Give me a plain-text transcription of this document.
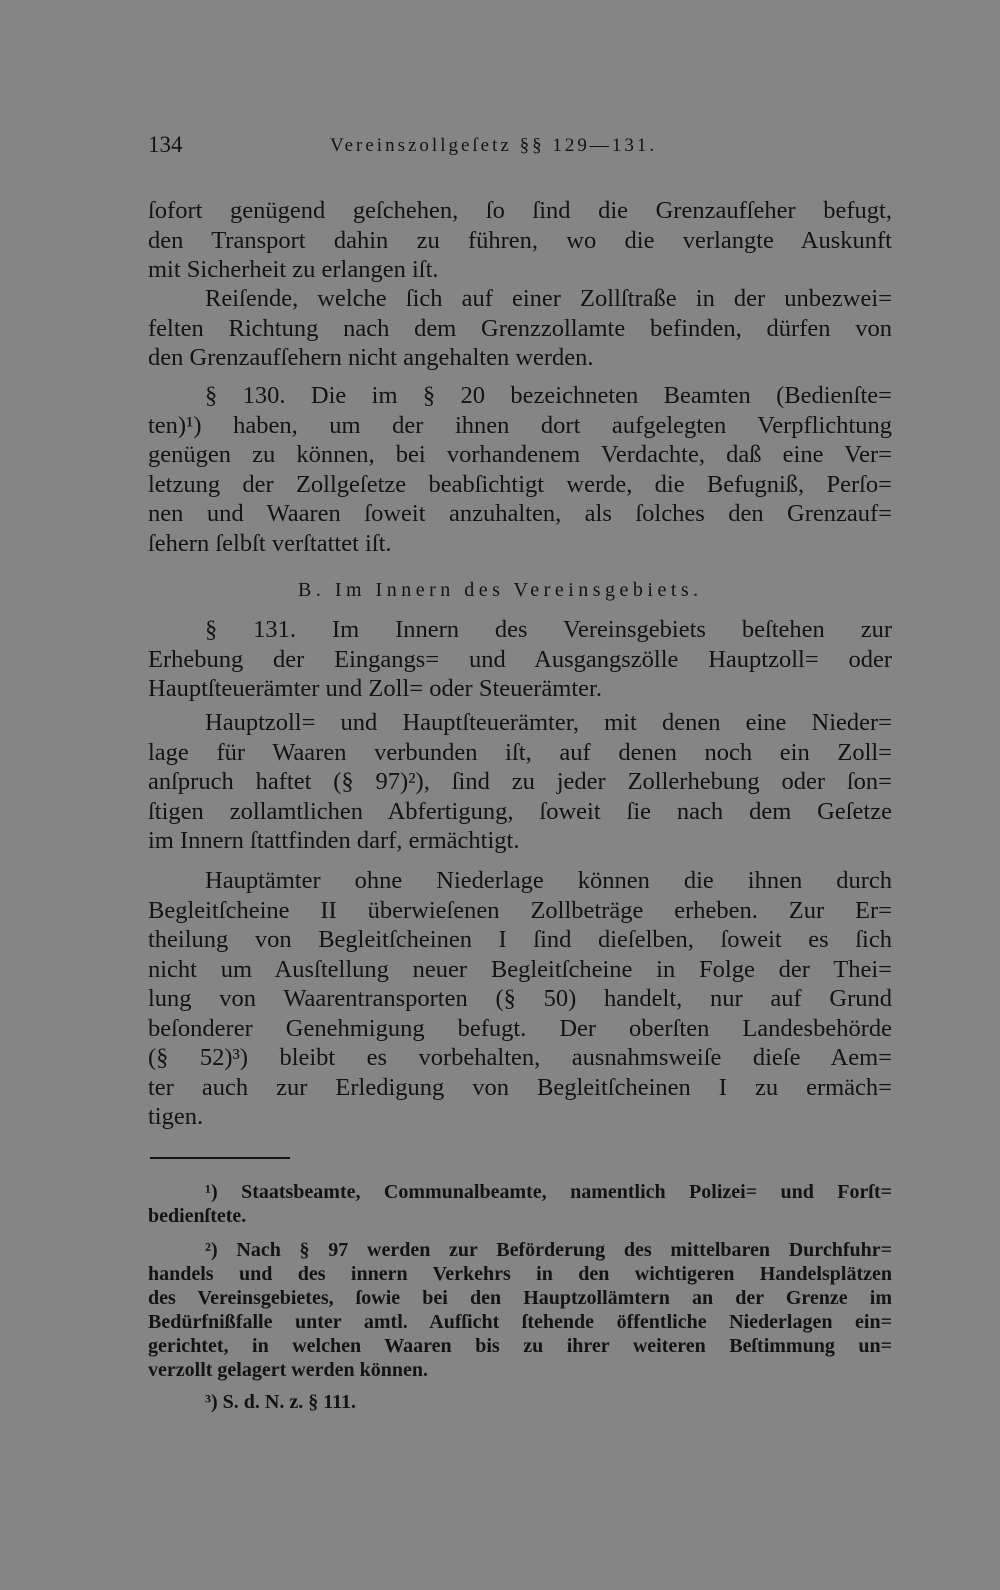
134	Vereinszollgeſetz §§ 129—131.
ſofort genügend geſchehen, ſo ſind die Grenzaufſeher befugt,
den Transport dahin zu führen, wo die verlangte Auskunft
mit Sicherheit zu erlangen iſt.
Reiſende, welche ſich auf einer Zollſtraße in der unbezwei=
felten Richtung nach dem Grenzzollamte befinden, dürfen von
den Grenzaufſehern nicht angehalten werden.
§ 130. Die im § 20 bezeichneten Beamten (Bedienſte=
ten)¹) haben, um der ihnen dort aufgelegten Verpflichtung
genügen zu können, bei vorhandenem Verdachte, daß eine Ver=
letzung der Zollgeſetze beabſichtigt werde, die Befugniß, Perſo=
nen und Waaren ſoweit anzuhalten, als ſolches den Grenzauf=
ſehern ſelbſt verſtattet iſt.
B. Im Innern des Vereinsgebiets.
§ 131. Im Innern des Vereinsgebiets beſtehen zur
Erhebung der Eingangs= und Ausgangszölle Hauptzoll= oder
Hauptſteuerämter und Zoll= oder Steuerämter.
Hauptzoll= und Hauptſteuerämter, mit denen eine Nieder=
lage für Waaren verbunden iſt, auf denen noch ein Zoll=
anſpruch haftet (§ 97)²), ſind zu jeder Zollerhebung oder ſon=
ſtigen zollamtlichen Abfertigung, ſoweit ſie nach dem Geſetze
im Innern ſtattfinden darf, ermächtigt.
Hauptämter ohne Niederlage können die ihnen durch
Begleitſcheine II überwieſenen Zollbeträge erheben. Zur Er=
theilung von Begleitſcheinen I ſind dieſelben, ſoweit es ſich
nicht um Ausſtellung neuer Begleitſcheine in Folge der Thei=
lung von Waarentransporten (§ 50) handelt, nur auf Grund
beſonderer Genehmigung befugt. Der oberſten Landesbehörde
(§ 52)³) bleibt es vorbehalten, ausnahmsweiſe dieſe Aem=
ter auch zur Erledigung von Begleitſcheinen I zu ermäch=
tigen.
¹) Staatsbeamte, Communalbeamte, namentlich Polizei= und Forſt=
bedienſtete.
²) Nach § 97 werden zur Beförderung des mittelbaren Durchfuhr=
handels und des innern Verkehrs in den wichtigeren Handelsplätzen
des Vereinsgebietes, ſowie bei den Hauptzollämtern an der Grenze im
Bedürfnißfalle unter amtl. Aufſicht ſtehende öffentliche Niederlagen ein=
gerichtet, in welchen Waaren bis zu ihrer weiteren Beſtimmung un=
verzollt gelagert werden können.
³) S. d. N. z. § 111.
